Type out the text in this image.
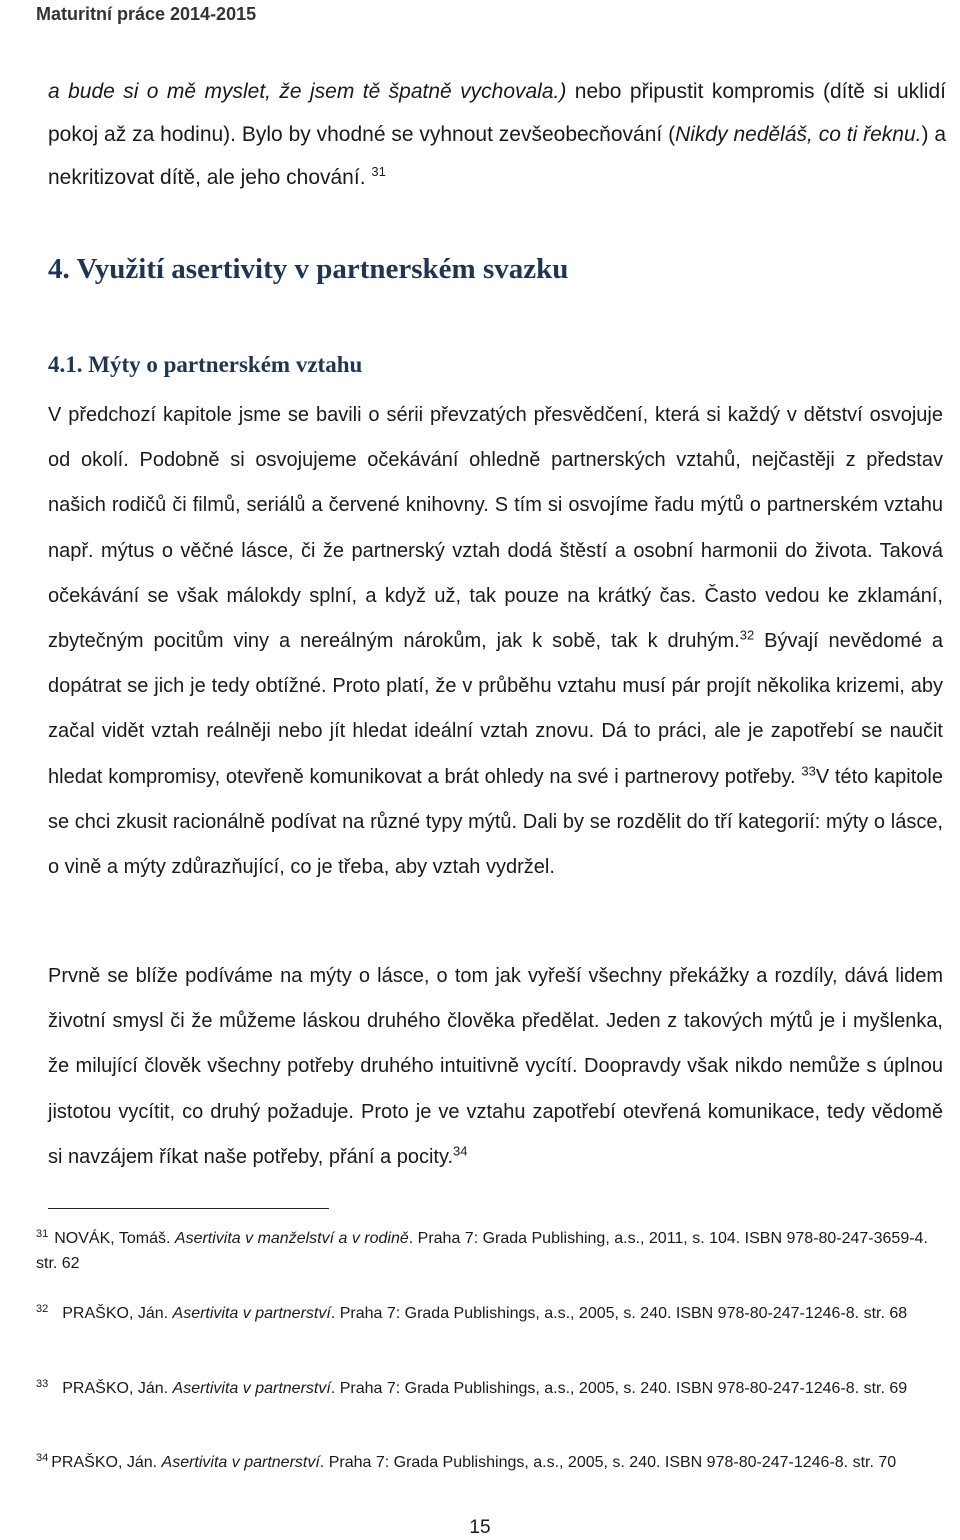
Maturitní práce 2014-2015

a bude si o mě myslet, že jsem tě špatně vychovala.) nebo připustit kompromis (dítě si uklidí pokoj až za hodinu). Bylo by vhodné se vyhnout zevšeobecňování (Nikdy neděláš, co ti řeknu.) a nekritizovat dítě, ale jeho chování. $^{31}$

4. Využití asertivity v partnerském svazku
4.1. Mýty o partnerském vztahu

V předchozí kapitole jsme se bavili o sérii převzatých přesvědčení, která si každý v dětství osvojuje od okolí. Podobně si osvojujeme očekávání ohledně partnerských vztahů, nejčastěji z představ našich rodičů či filmů, seriálů a červené knihovny. S tím si osvojíme řadu mýtů o partnerském vztahu např. mýtus o věčné lásce, či že partnerský vztah dodá štěstí a osobní harmonii do života. Taková očekávání se však málokdy splní, a když už, tak pouze na krátký čas. Často vedou ke zklamání, zbytečným pocitům viny a nereálným nárokům, jak k sobě, tak k druhým.$^{32}$ Bývají nevědomé a dopátrat se jich je tedy obtížné. Proto platí, že v průběhu vztahu musí pár projít několika krizemi, aby začal vidět vztah reálněji nebo jít hledat ideální vztah znovu. Dá to práci, ale je zapotřebí se naučit hledat kompromisy, otevřeně komunikovat a brát ohledy na své i partnerovy potřeby. $^{33}$V této kapitole se chci zkusit racionálně podívat na různé typy mýtů. Dali by se rozdělit do tří kategorií: mýty o lásce, o vině a mýty zdůrazňující, co je třeba, aby vztah vydržel.

Prvně se blíže podíváme na mýty o lásce, o tom jak vyřeší všechny překážky a rozdíly, dává lidem životní smysl či že můžeme láskou druhého člověka předělat. Jeden z takových mýtů je i myšlenka, že milující člověk všechny potřeby druhého intuitivně vycítí. Doopravdy však nikdo nemůže s úplnou jistotou vycítit, co druhý požaduje. Proto je ve vztahu zapotřebí otevřená komunikace, tedy vědomě si navzájem říkat naše potřeby, přání a pocity.$^{34}$

$^{31}$ NOVÁK, Tomáš. Asertivita v manželství a v rodině. Praha 7: Grada Publishing, a.s., 2011, s. 104. ISBN 978-80-247-3659-4. str. 62

$^{32}$ PRAŠKO, Ján. Asertivita v partnerství. Praha 7: Grada Publishings, a.s., 2005, s. 240. ISBN 978-80-247-1246-8. str. 68

$^{33}$ PRAŠKO, Ján. Asertivita v partnerství. Praha 7: Grada Publishings, a.s., 2005, s. 240. ISBN 978-80-247-1246-8. str. 69

$^{34}$ PRAŠKO, Ján. Asertivita v partnerství. Praha 7: Grada Publishings, a.s., 2005, s. 240. ISBN 978-80-247-1246-8. str. 70

15
